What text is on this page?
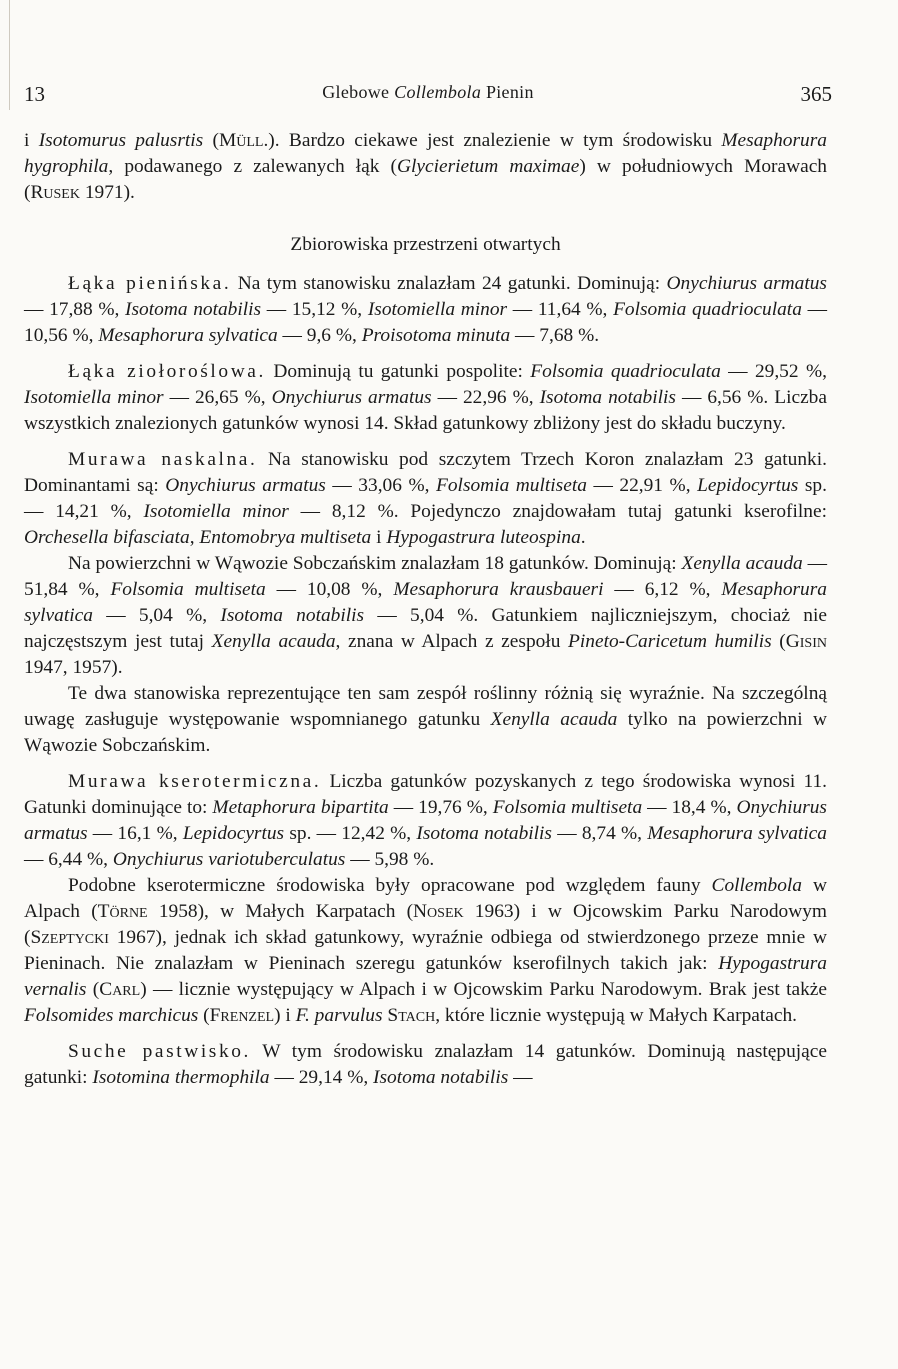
13	Glebowe Collembola Pienin	365

i Isotomurus palusrtis (Müll.). Bardzo ciekawe jest znalezienie w tym środowisku Mesaphorura hygrophila, podawanego z zalewanych łąk (Glycierietum maximae) w południowych Morawach (Rusek 1971).

Zbiorowiska przestrzeni otwartych

Łąka pienińska. Na tym stanowisku znalazłam 24 gatunki. Dominują: Onychiurus armatus — 17,88 %, Isotoma notabilis — 15,12 %, Isotomiella minor — 11,64 %, Folsomia quadrioculata — 10,56 %, Mesaphorura sylvatica — 9,6 %, Proisotoma minuta — 7,68 %.

Łąka ziołoroślowa. Dominują tu gatunki pospolite: Folsomia quadrioculata — 29,52 %, Isotomiella minor — 26,65 %, Onychiurus armatus — 22,96 %, Isotoma notabilis — 6,56 %. Liczba wszystkich znalezionych gatunków wynosi 14. Skład gatunkowy zbliżony jest do składu buczyny.

Murawa naskalna. Na stanowisku pod szczytem Trzech Koron znalazłam 23 gatunki. Dominantami są: Onychiurus armatus — 33,06 %, Folsomia multiseta — 22,91 %, Lepidocyrtus sp. — 14,21 %, Isotomiella minor — 8,12 %. Pojedynczo znajdowałam tutaj gatunki kserofilne: Orchesella bifasciata, Entomobrya multiseta i Hypogastrura luteospina.

Na powierzchni w Wąwozie Sobczańskim znalazłam 18 gatunków. Dominują: Xenylla acauda — 51,84 %, Folsomia multiseta — 10,08 %, Mesaphorura krausbaueri — 6,12 %, Mesaphorura sylvatica — 5,04 %, Isotoma notabilis — 5,04 %. Gatunkiem najliczniejszym, chociaż nie najczęstszym jest tutaj Xenylla acauda, znana w Alpach z zespołu Pineto-Caricetum humilis (Gisin 1947, 1957).

Te dwa stanowiska reprezentujące ten sam zespół roślinny różnią się wyraźnie. Na szczególną uwagę zasługuje występowanie wspomnianego gatunku Xenylla acauda tylko na powierzchni w Wąwozie Sobczańskim.

Murawa kserotermiczna. Liczba gatunków pozyskanych z tego środowiska wynosi 11. Gatunki dominujące to: Metaphorura bipartita — 19,76 %, Folsomia multiseta — 18,4 %, Onychiurus armatus — 16,1 %, Lepidocyrtus sp. — 12,42 %, Isotoma notabilis — 8,74 %, Mesaphorura sylvatica — 6,44 %, Onychiurus variotuberculatus — 5,98 %.

Podobne kserotermiczne środowiska były opracowane pod względem fauny Collembola w Alpach (Törne 1958), w Małych Karpatach (Nosek 1963) i w Ojcowskim Parku Narodowym (Szeptycki 1967), jednak ich skład gatunkowy, wyraźnie odbiega od stwierdzonego przeze mnie w Pieninach. Nie znalazłam w Pieninach szeregu gatunków kserofilnych takich jak: Hypogastrura vernalis (Carl) — licznie występujący w Alpach i w Ojcowskim Parku Narodowym. Brak jest także Folsomides marchicus (Frenzel) i F. parvulus Stach, które licznie występują w Małych Karpatach.

Suche pastwisko. W tym środowisku znalazłam 14 gatunków. Dominują następujące gatunki: Isotomina thermophila — 29,14 %, Isotoma notabilis —
